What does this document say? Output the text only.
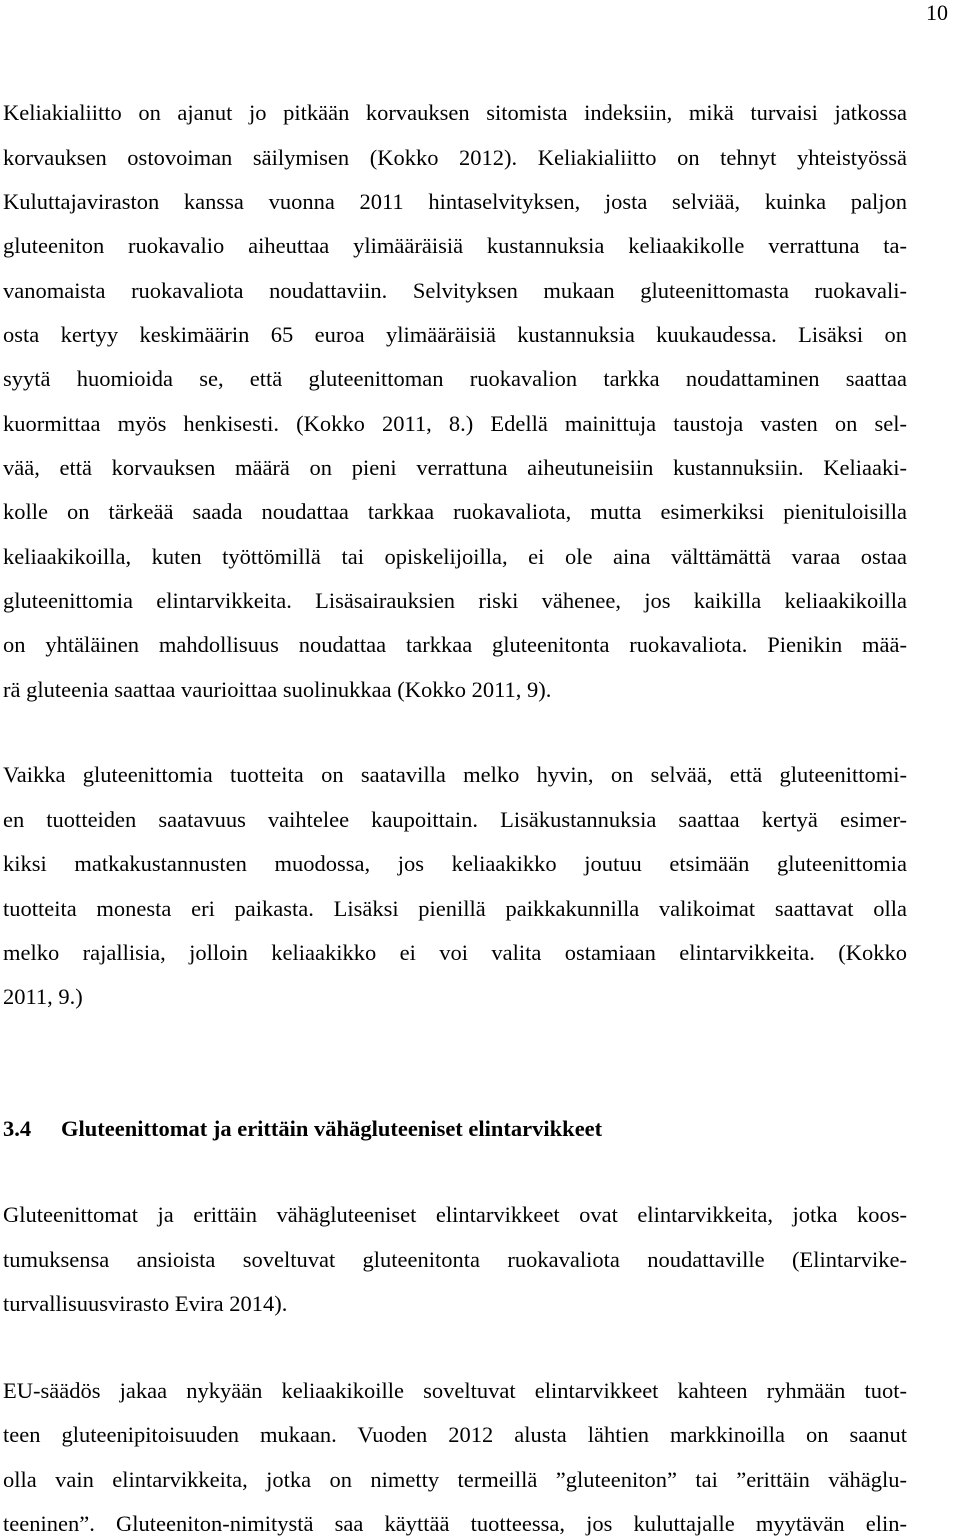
10
Keliakialiitto on ajanut jo pitkään korvauksen sitomista indeksiin, mikä turvaisi jatkossa
korvauksen ostovoiman säilymisen (Kokko 2012). Keliakialiitto on tehnyt yhteistyössä
Kuluttajaviraston kanssa vuonna 2011 hintaselvityksen, josta selviää, kuinka paljon
gluteeniton ruokavalio aiheuttaa ylimääräisiä kustannuksia keliaakikolle verrattuna ta-
vanomaista ruokavaliota noudattaviin. Selvityksen mukaan gluteenittomasta ruokavali-
osta kertyy keskimäärin 65 euroa ylimääräisiä kustannuksia kuukaudessa. Lisäksi on
syytä huomioida se, että gluteenittoman ruokavalion tarkka noudattaminen saattaa
kuormittaa myös henkisesti. (Kokko 2011, 8.) Edellä mainittuja taustoja vasten on sel-
vää, että korvauksen määrä on pieni verrattuna aiheutuneisiin kustannuksiin. Keliaaki-
kolle on tärkeää saada noudattaa tarkkaa ruokavaliota, mutta esimerkiksi pienituloisilla
keliaakikoilla, kuten työttömillä tai opiskelijoilla, ei ole aina välttämättä varaa ostaa
gluteenittomia elintarvikkeita. Lisäsairauksien riski vähenee, jos kaikilla keliaakikoilla
on yhtäläinen mahdollisuus noudattaa tarkkaa gluteenitonta ruokavaliota. Pienikin mää-
rä gluteenia saattaa vaurioittaa suolinukkaa (Kokko 2011, 9).
Vaikka gluteenittomia tuotteita on saatavilla melko hyvin, on selvää, että gluteenittomi-
en tuotteiden saatavuus vaihtelee kaupoittain. Lisäkustannuksia saattaa kertyä esimer-
kiksi matkakustannusten muodossa, jos keliaakikko joutuu etsimään gluteenittomia
tuotteita monesta eri paikasta. Lisäksi pienillä paikkakunnilla valikoimat saattavat olla
melko rajallisia, jolloin keliaakikko ei voi valita ostamiaan elintarvikkeita. (Kokko
2011, 9.)
3.4 Gluteenittomat ja erittäin vähägluteeniset elintarvikkeet
Gluteenittomat ja erittäin vähägluteeniset elintarvikkeet ovat elintarvikkeita, jotka koos-
tumuksensa ansioista soveltuvat gluteenitonta ruokavaliota noudattaville (Elintarvike-
turvallisuusvirasto Evira 2014).
EU-säädös jakaa nykyään keliaakikoille soveltuvat elintarvikkeet kahteen ryhmään tuot-
teen gluteenipitoisuuden mukaan. Vuoden 2012 alusta lähtien markkinoilla on saanut
olla vain elintarvikkeita, jotka on nimetty termeillä ”gluteeniton” tai ”erittäin vähäglu-
teeninen”. Gluteeniton-nimitystä saa käyttää tuotteessa, jos kuluttajalle myytävän elin-
